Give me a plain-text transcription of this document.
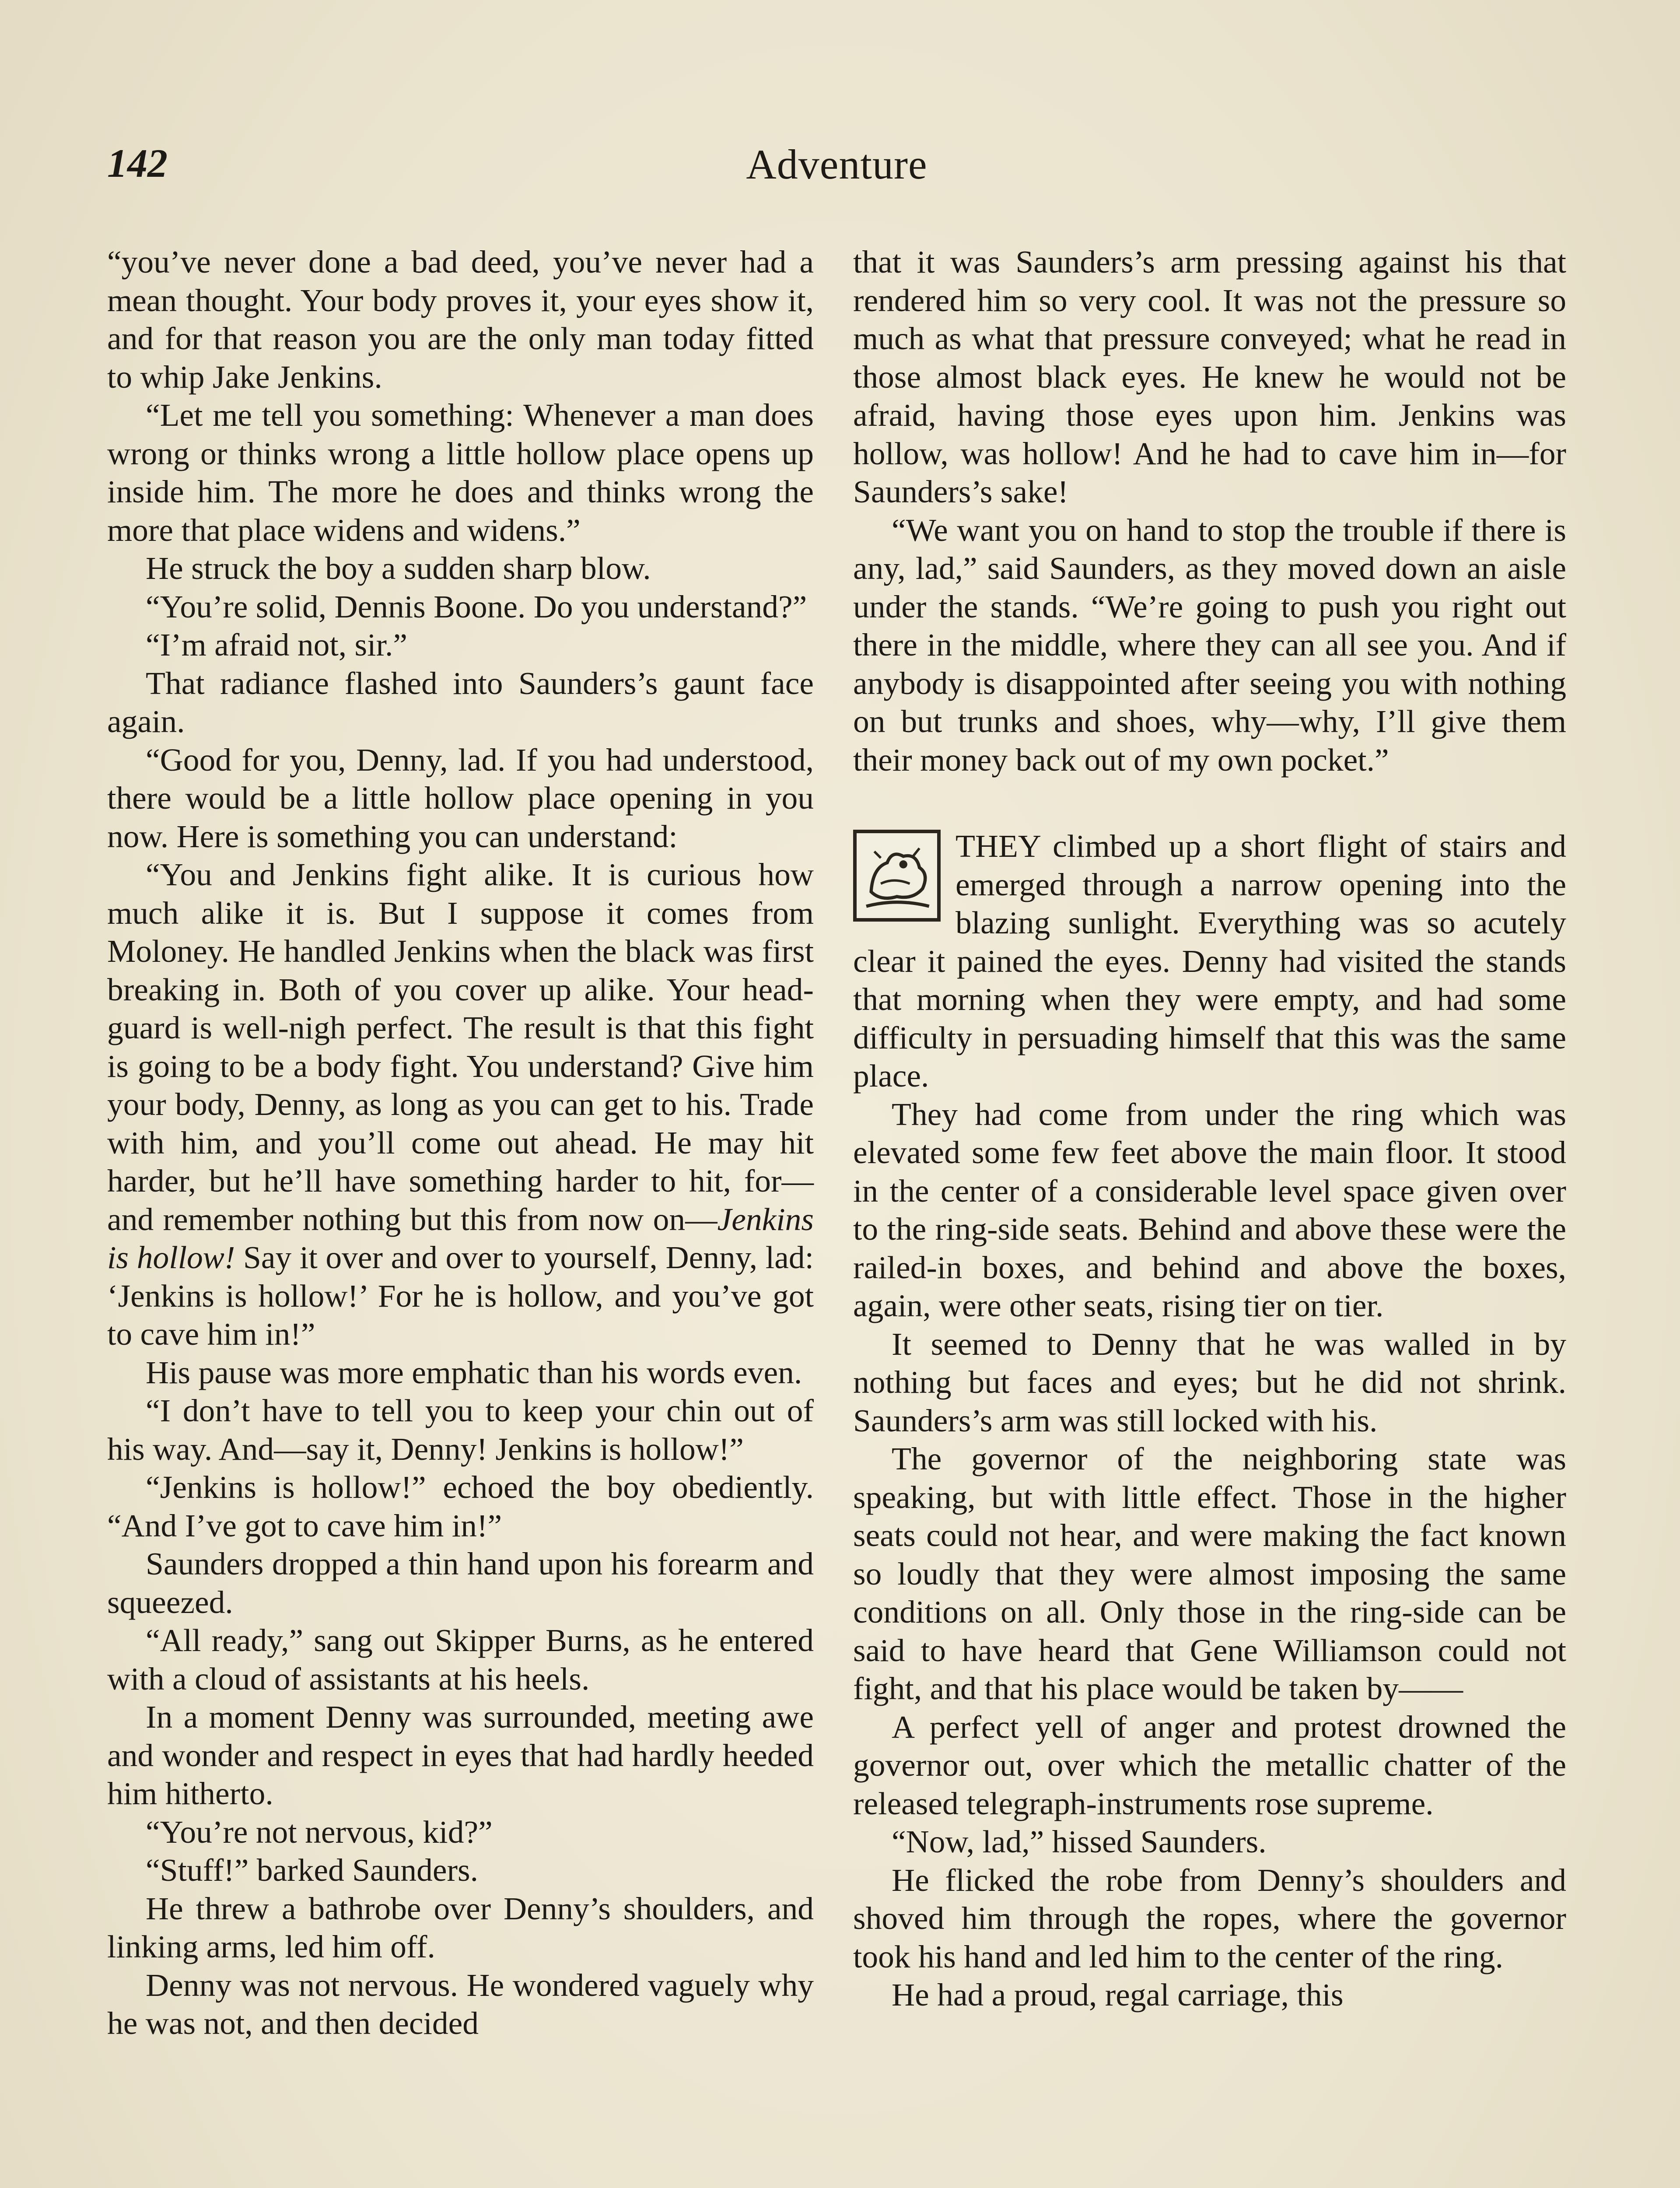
142	Adventure

“you’ve never done a bad deed, you’ve never had a mean thought. Your body proves it, your eyes show it, and for that reason you are the only man today fitted to whip Jake Jenkins.

“Let me tell you something: Whenever a man does wrong or thinks wrong a little hollow place opens up inside him. The more he does and thinks wrong the more that place widens and widens.”

He struck the boy a sudden sharp blow.

“You’re solid, Dennis Boone. Do you understand?”

“I’m afraid not, sir.”

That radiance flashed into Saunders’s gaunt face again.

“Good for you, Denny, lad. If you had understood, there would be a little hollow place opening in you now. Here is something you can understand:

“You and Jenkins fight alike. It is curious how much alike it is. But I suppose it comes from Moloney. He handled Jenkins when the black was first breaking in. Both of you cover up alike. Your head-guard is well-nigh perfect. The result is that this fight is going to be a body fight. You understand? Give him your body, Denny, as long as you can get to his. Trade with him, and you’ll come out ahead. He may hit harder, but he’ll have something harder to hit, for—and remember nothing but this from now on—Jenkins is hollow! Say it over and over to yourself, Denny, lad: ‘Jenkins is hollow!’ For he is hollow, and you’ve got to cave him in!”

His pause was more emphatic than his words even.

“I don’t have to tell you to keep your chin out of his way. And—say it, Denny! Jenkins is hollow!”

“Jenkins is hollow!” echoed the boy obediently. “And I’ve got to cave him in!”

Saunders dropped a thin hand upon his forearm and squeezed.

“All ready,” sang out Skipper Burns, as he entered with a cloud of assistants at his heels.

In a moment Denny was surrounded, meeting awe and wonder and respect in eyes that had hardly heeded him hitherto.

“You’re not nervous, kid?”

“Stuff!” barked Saunders.

He threw a bathrobe over Denny’s shoulders, and linking arms, led him off.

Denny was not nervous. He wondered vaguely why he was not, and then decided

that it was Saunders’s arm pressing against his that rendered him so very cool. It was not the pressure so much as what that pressure conveyed; what he read in those almost black eyes. He knew he would not be afraid, having those eyes upon him. Jenkins was hollow, was hollow! And he had to cave him in—for Saunders’s sake!

“We want you on hand to stop the trouble if there is any, lad,” said Saunders, as they moved down an aisle under the stands. “We’re going to push you right out there in the middle, where they can all see you. And if anybody is disappointed after seeing you with nothing on but trunks and shoes, why—why, I’ll give them their money back out of my own pocket.”

THEY climbed up a short flight of stairs and emerged through a narrow opening into the blazing sunlight. Everything was so acutely clear it pained the eyes. Denny had visited the stands that morning when they were empty, and had some difficulty in persuading himself that this was the same place.

They had come from under the ring which was elevated some few feet above the main floor. It stood in the center of a considerable level space given over to the ring-side seats. Behind and above these were the railed-in boxes, and behind and above the boxes, again, were other seats, rising tier on tier.

It seemed to Denny that he was walled in by nothing but faces and eyes; but he did not shrink. Saunders’s arm was still locked with his.

The governor of the neighboring state was speaking, but with little effect. Those in the higher seats could not hear, and were making the fact known so loudly that they were almost imposing the same conditions on all. Only those in the ring-side can be said to have heard that Gene Williamson could not fight, and that his place would be taken by——

A perfect yell of anger and protest drowned the governor out, over which the metallic chatter of the released telegraph-instruments rose supreme.

“Now, lad,” hissed Saunders.

He flicked the robe from Denny’s shoulders and shoved him through the ropes, where the governor took his hand and led him to the center of the ring.

He had a proud, regal carriage, this
